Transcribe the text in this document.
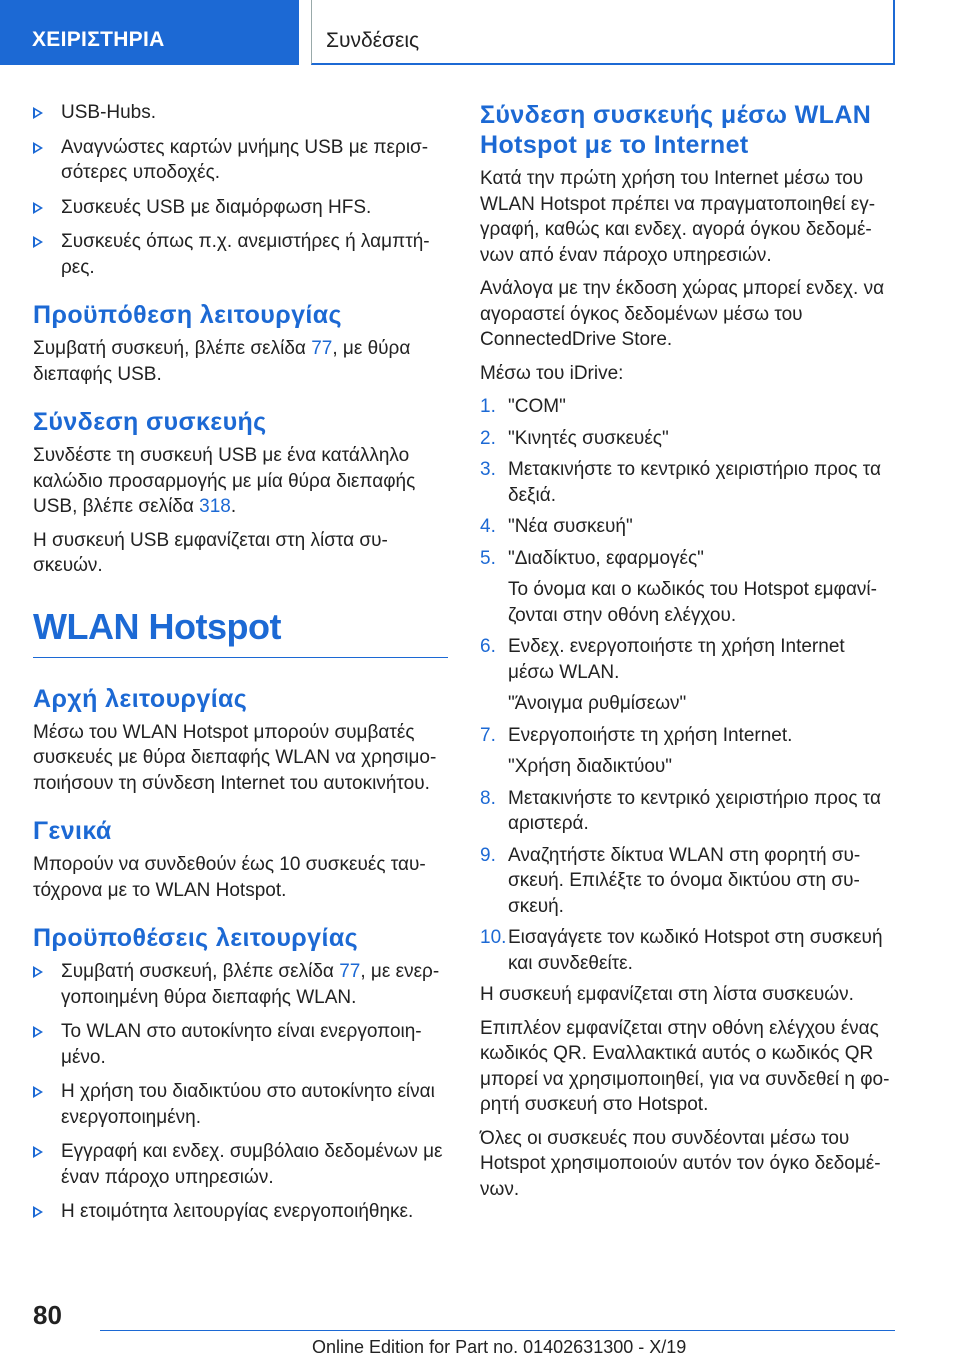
ΧΕΙΡΙΣΤΗΡΙΑ	Συνδέσεις
USB-Hubs.
Αναγνώστες καρτών μνήμης USB με περισ-σότερες υποδοχές.
Συσκευές USB με διαμόρφωση HFS.
Συσκευές όπως π.χ. ανεμιστήρες ή λαμπτή-ρες.
Προϋπόθεση λειτουργίας

Συμβατή συσκευή, βλέπε σελίδα 77, με θύρα διεπαφής USB.

Σύνδεση συσκευής

Συνδέστε τη συσκευή USB με ένα κατάλληλο καλώδιο προσαρμογής με μία θύρα διεπαφής USB, βλέπε σελίδα 318.

Η συσκευή USB εμφανίζεται στη λίστα συ-σκευών.

WLAN Hotspot
Αρχή λειτουργίας

Μέσω του WLAN Hotspot μπορούν συμβατές συσκευές με θύρα διεπαφής WLAN να χρησιμο-ποιήσουν τη σύνδεση Internet του αυτοκινήτου.

Γενικά

Μπορούν να συνδεθούν έως 10 συσκευές ταυ-τόχρονα με το WLAN Hotspot.

Προϋποθέσεις λειτουργίας
Συμβατή συσκευή, βλέπε σελίδα 77, με ενερ-γοποιημένη θύρα διεπαφής WLAN.
Το WLAN στο αυτοκίνητο είναι ενεργοποιη-μένο.
Η χρήση του διαδικτύου στο αυτοκίνητο είναι ενεργοποιημένη.
Εγγραφή και ενδεχ. συμβόλαιο δεδομένων με έναν πάροχο υπηρεσιών.
Η ετοιμότητα λειτουργίας ενεργοποιήθηκε.
Σύνδεση συσκευής μέσω WLAN Hotspot με το Internet

Κατά την πρώτη χρήση του Internet μέσω του WLAN Hotspot πρέπει να πραγματοποιηθεί εγ-γραφή, καθώς και ενδεχ. αγορά όγκου δεδομέ-νων από έναν πάροχο υπηρεσιών.

Ανάλογα με την έκδοση χώρας μπορεί ενδεχ. να αγοραστεί όγκος δεδομένων μέσω του ConnectedDrive Store.

Μέσω του iDrive:

1. "COM"
2. "Κινητές συσκευές"
3. Μετακινήστε το κεντρικό χειριστήριο προς τα δεξιά.
4. "Νέα συσκευή"
5. "Διαδίκτυο, εφαρμογές"
Το όνομα και ο κωδικός του Hotspot εμφανί-ζονται στην οθόνη ελέγχου.
6. Ενδεχ. ενεργοποιήστε τη χρήση Internet μέσω WLAN.
"Άνοιγμα ρυθμίσεων"
7. Ενεργοποιήστε τη χρήση Internet.
"Χρήση διαδικτύου"
8. Μετακινήστε το κεντρικό χειριστήριο προς τα αριστερά.
9. Αναζητήστε δίκτυα WLAN στη φορητή συ-σκευή. Επιλέξτε το όνομα δικτύου στη συ-σκευή.
10. Εισαγάγετε τον κωδικό Hotspot στη συσκευή και συνδεθείτε.

Η συσκευή εμφανίζεται στη λίστα συσκευών.

Επιπλέον εμφανίζεται στην οθόνη ελέγχου ένας κωδικός QR. Εναλλακτικά αυτός ο κωδικός QR μπορεί να χρησιμοποιηθεί, για να συνδεθεί η φο-ρητή συσκευή στο Hotspot.

Όλες οι συσκευές που συνδέονται μέσω του Hotspot χρησιμοποιούν αυτόν τον όγκο δεδομέ-νων.

80
Online Edition for Part no. 01402631300 - X/19
